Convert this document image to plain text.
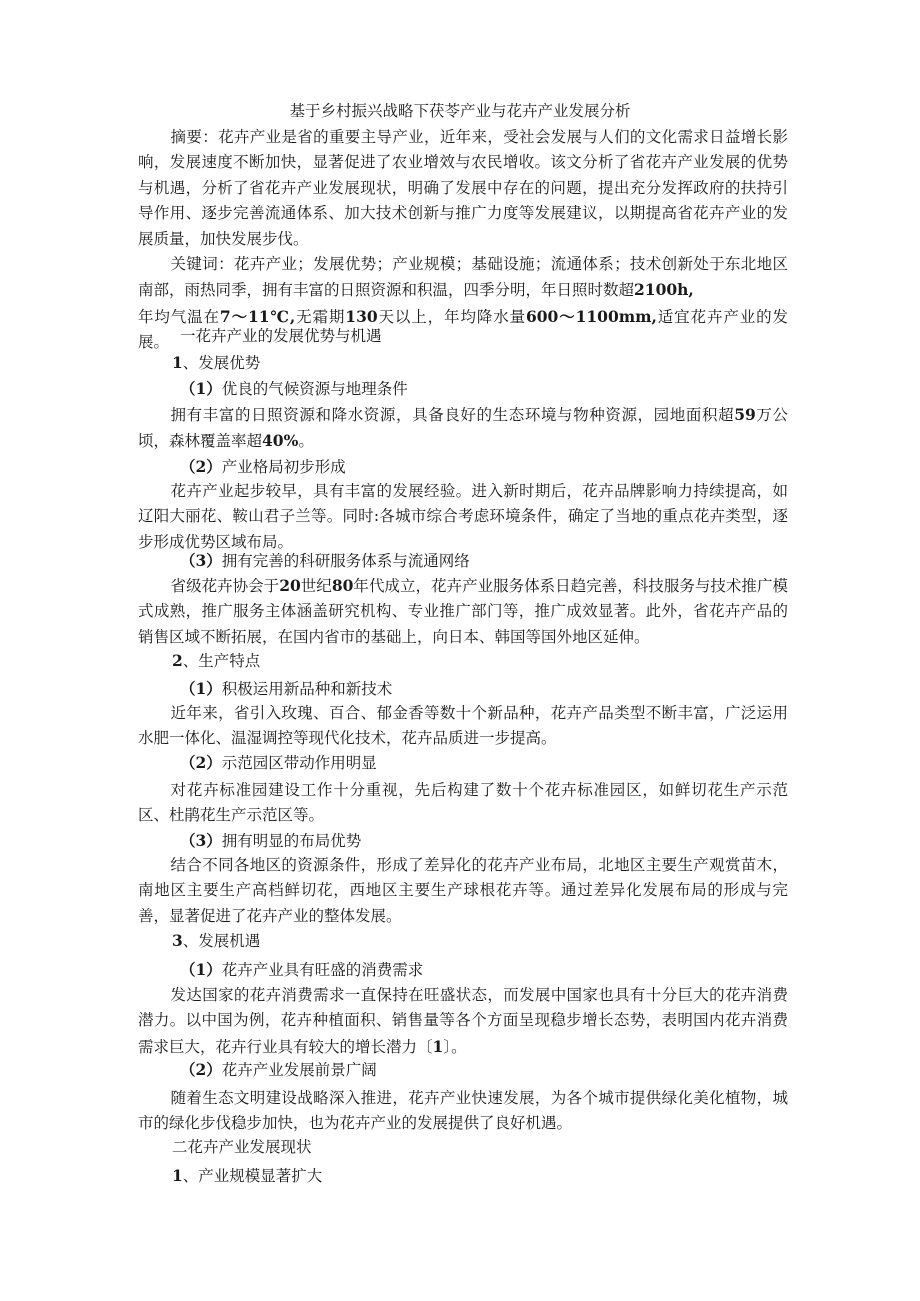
基于乡村振兴战略下茯苓产业与花卉产业发展分析

摘要：花卉产业是省的重要主导产业，近年来，受社会发展与人们的文化需求日益增长影响，发展速度不断加快，显著促进了农业增效与农民增收。该文分析了省花卉产业发展的优势与机遇，分析了省花卉产业发展现状，明确了发展中存在的问题，提出充分发挥政府的扶持引导作用、逐步完善流通体系、加大技术创新与推广力度等发展建议，以期提高省花卉产业的发展质量，加快发展步伐。

关键词：花卉产业；发展优势；产业规模；基础设施；流通体系；技术创新处于东北地区南部，雨热同季，拥有丰富的日照资源和积温，四季分明，年日照时数超2100h,
年均气温在7～11℃,无霜期130天以上，年均降水量600～1100mm,适宜花卉产业的发展。 一花卉产业的发展优势与机遇

1、发展优势

（1）优良的气候资源与地理条件

拥有丰富的日照资源和降水资源，具备良好的生态环境与物种资源，园地面积超59万公顷，森林覆盖率超40%。

（2）产业格局初步形成

花卉产业起步较早，具有丰富的发展经验。进入新时期后，花卉品牌影响力持续提高，如辽阳大丽花、鞍山君子兰等。同时:各城市综合考虑环境条件，确定了当地的重点花卉类型，逐步形成优势区域布局。

（3）拥有完善的科研服务体系与流通网络

省级花卉协会于20世纪80年代成立，花卉产业服务体系日趋完善，科技服务与技术推广模式成熟，推广服务主体涵盖研究机构、专业推广部门等，推广成效显著。此外，省花卉产品的销售区域不断拓展，在国内省市的基础上，向日本、韩国等国外地区延伸。

2、生产特点

（1）积极运用新品种和新技术

近年来，省引入玫瑰、百合、郁金香等数十个新品种，花卉产品类型不断丰富，广泛运用水肥一体化、温湿调控等现代化技术，花卉品质进一步提高。

（2）示范园区带动作用明显

对花卉标准园建设工作十分重视，先后构建了数十个花卉标准园区，如鲜切花生产示范区、杜鹃花生产示范区等。

（3）拥有明显的布局优势

结合不同各地区的资源条件，形成了差异化的花卉产业布局，北地区主要生产观赏苗木，南地区主要生产高档鲜切花，西地区主要生产球根花卉等。通过差异化发展布局的形成与完善，显著促进了花卉产业的整体发展。

3、发展机遇

（1）花卉产业具有旺盛的消费需求

发达国家的花卉消费需求一直保持在旺盛状态，而发展中国家也具有十分巨大的花卉消费潜力。以中国为例，花卉种植面积、销售量等各个方面呈现稳步增长态势，表明国内花卉消费需求巨大，花卉行业具有较大的增长潜力〔1〕。

（2）花卉产业发展前景广阔

随着生态文明建设战略深入推进，花卉产业快速发展，为各个城市提供绿化美化植物，城市的绿化步伐稳步加快，也为花卉产业的发展提供了良好机遇。

二花卉产业发展现状

1、产业规模显著扩大
